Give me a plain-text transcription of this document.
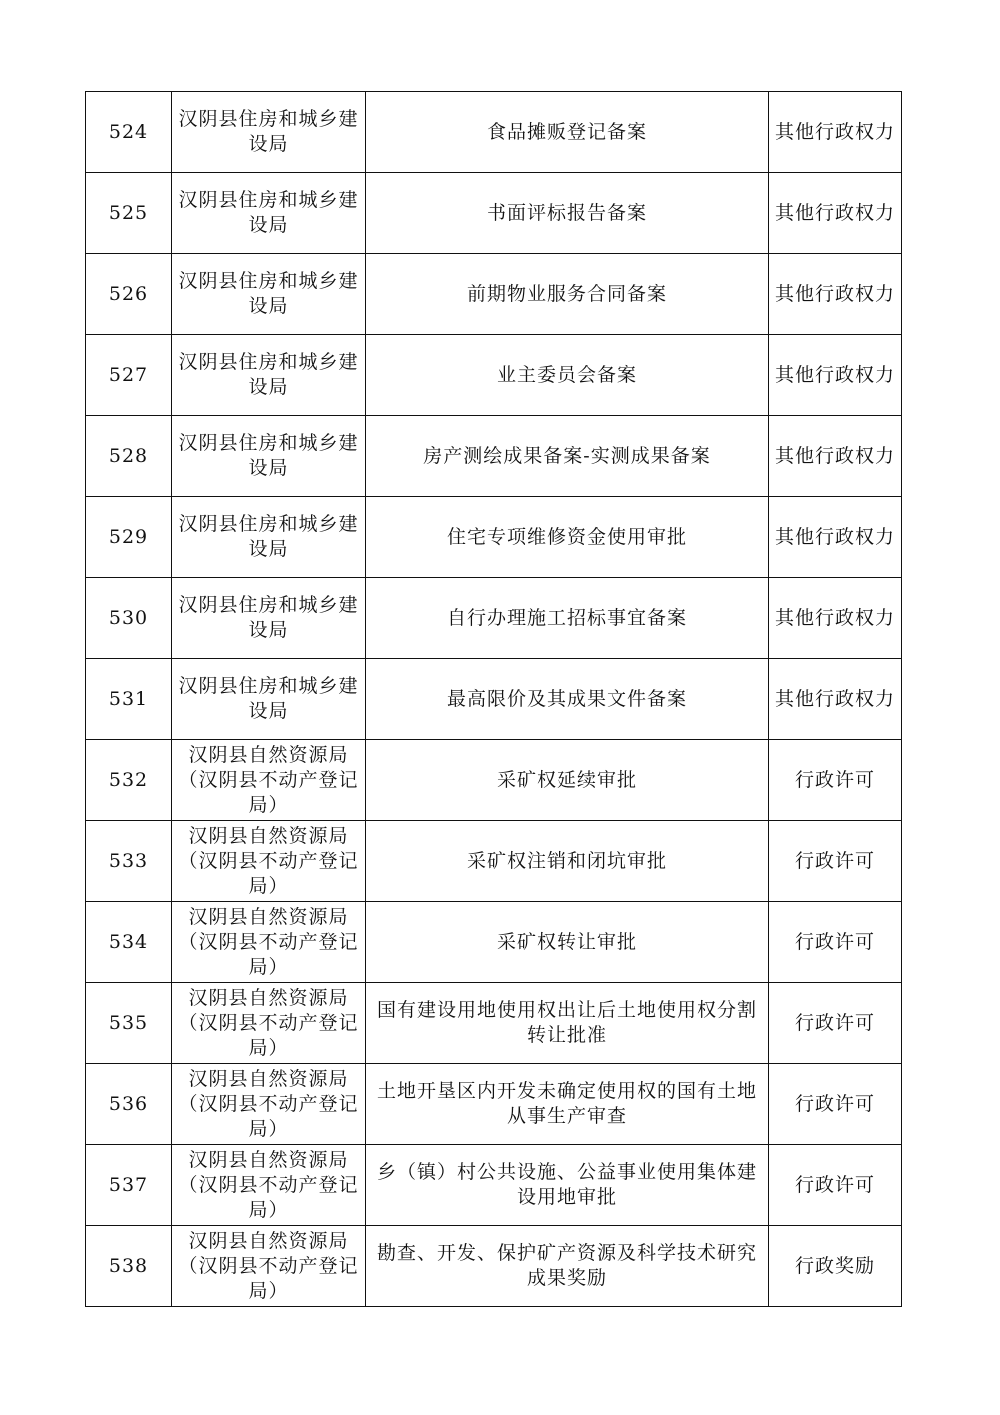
524	汉阴县住房和城乡建设局	食品摊贩登记备案	其他行政权力
525	汉阴县住房和城乡建设局	书面评标报告备案	其他行政权力
526	汉阴县住房和城乡建设局	前期物业服务合同备案	其他行政权力
527	汉阴县住房和城乡建设局	业主委员会备案	其他行政权力
528	汉阴县住房和城乡建设局	房产测绘成果备案-实测成果备案	其他行政权力
529	汉阴县住房和城乡建设局	住宅专项维修资金使用审批	其他行政权力
530	汉阴县住房和城乡建设局	自行办理施工招标事宜备案	其他行政权力
531	汉阴县住房和城乡建设局	最高限价及其成果文件备案	其他行政权力
532	汉阴县自然资源局（汉阴县不动产登记局）	采矿权延续审批	行政许可
533	汉阴县自然资源局（汉阴县不动产登记局）	采矿权注销和闭坑审批	行政许可
534	汉阴县自然资源局（汉阴县不动产登记局）	采矿权转让审批	行政许可
535	汉阴县自然资源局（汉阴县不动产登记局）	国有建设用地使用权出让后土地使用权分割转让批准	行政许可
536	汉阴县自然资源局（汉阴县不动产登记局）	土地开垦区内开发未确定使用权的国有土地从事生产审查	行政许可
537	汉阴县自然资源局（汉阴县不动产登记局）	乡（镇）村公共设施、公益事业使用集体建设用地审批	行政许可
538	汉阴县自然资源局（汉阴县不动产登记局）	勘查、开发、保护矿产资源及科学技术研究成果奖励	行政奖励
